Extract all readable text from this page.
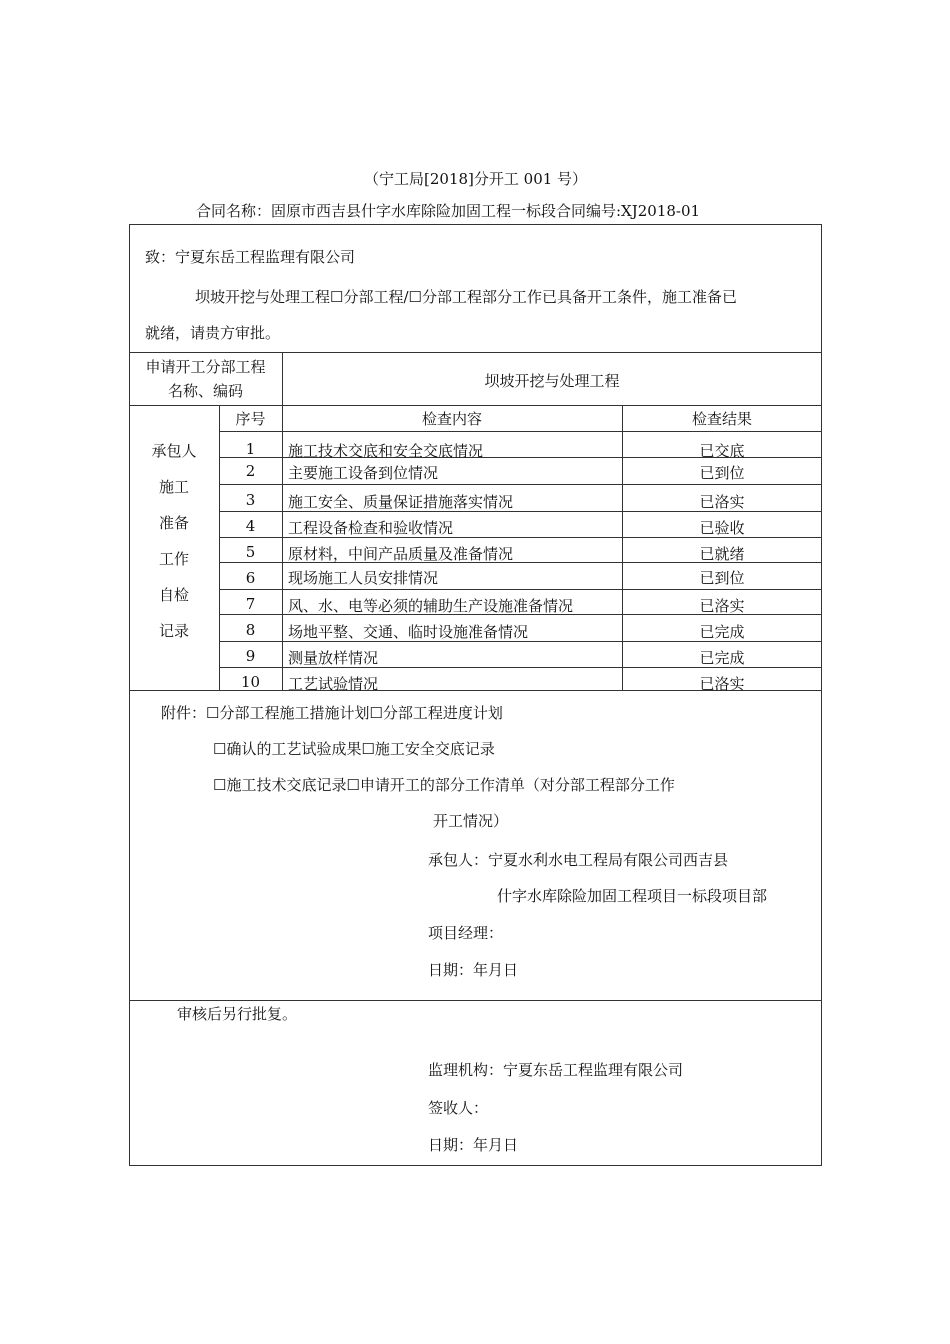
（宁工局[2018]分开工 001 号）
合同名称：固原市西吉县什字水库除险加固工程一标段合同编号:XJ2018-01
致：宁夏东岳工程监理有限公司
坝坡开挖与处理工程☐分部工程/☐分部工程部分工作已具备开工条件，施工准备已
就绪，请贵方审批。
申请开工分部工程
名称、编码
坝坡开挖与处理工程
承包人
施工
准备
工作
自检
记录
序号	检查内容	检查结果
1	施工技术交底和安全交底情况	已交底
2	主要施工设备到位情况	已到位
3	施工安全、质量保证措施落实情况	已洛实
4	工程设备检查和验收情况	已验收
5	原材料，中间产品质量及准备情况	已就绪
6	现场施工人员安排情况	已到位
7	风、水、电等必须的辅助生产设施准备情况	已洛实
8	场地平整、交通、临时设施准备情况	已完成
9	测量放样情况	已完成
10	工艺试验情况	已洛实
附件：☐分部工程施工措施计划☐分部工程进度计划
☐确认的工艺试验成果☐施工安全交底记录
☐施工技术交底记录☐申请开工的部分工作清单（对分部工程部分工作
开工情况）
承包人：宁夏水利水电工程局有限公司西吉县
什字水库除险加固工程项目一标段项目部
项目经理：
日期：年月日
审核后另行批复。
监理机构：宁夏东岳工程监理有限公司
签收人：
日期：年月日
